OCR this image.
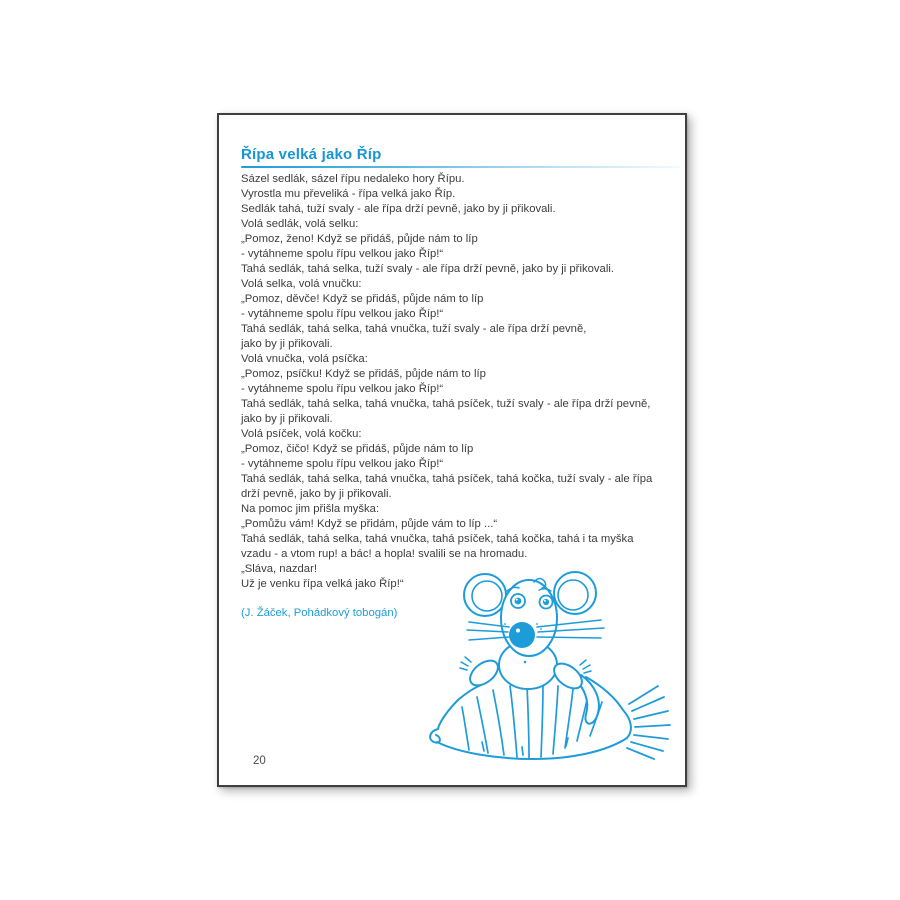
Řípa velká jako Říp
Sázel sedlák, sázel řípu nedaleko hory Řípu.
Vyrostla mu převeliká - řípa velká jako Říp.
Sedlák tahá, tuží svaly - ale řípa drží pevně, jako by ji přikovali.
Volá sedlák, volá selku:
„Pomoz, ženo! Když se přidáš, půjde nám to líp
- vytáhneme spolu řípu velkou jako Říp!“
Tahá sedlák, tahá selka, tuží svaly - ale řípa drží pevně, jako by ji přikovali.
Volá selka, volá vnučku:
„Pomoz, děvče! Když se přidáš, půjde nám to líp
- vytáhneme spolu řípu velkou jako Říp!“
Tahá sedlák, tahá selka, tahá vnučka, tuží svaly - ale řípa drží pevně,
jako by ji přikovali.
Volá vnučka, volá psíčka:
„Pomoz, psíčku! Když se přidáš, půjde nám to líp
- vytáhneme spolu řípu velkou jako Říp!“
Tahá sedlák, tahá selka, tahá vnučka, tahá psíček, tuží svaly - ale řípa drží pevně,
jako by ji přikovali.
Volá psíček, volá kočku:
„Pomoz, čičo! Když se přidáš, půjde nám to líp
- vytáhneme spolu řípu velkou jako Říp!“
Tahá sedlák, tahá selka, tahá vnučka, tahá psíček, tahá kočka, tuží svaly - ale řípa
drží pevně, jako by ji přikovali.
Na pomoc jim přišla myška:
„Pomůžu vám! Když se přidám, půjde vám to líp ...“
Tahá sedlák, tahá selka, tahá vnučka, tahá psíček, tahá kočka, tahá i ta myška
vzadu - a vtom rup! a bác! a hopla! svalili se na hromadu.
„Sláva, nazdar!
Už je venku řípa velká jako Říp!“
(J. Žáček, Pohádkový tobogán)
20
